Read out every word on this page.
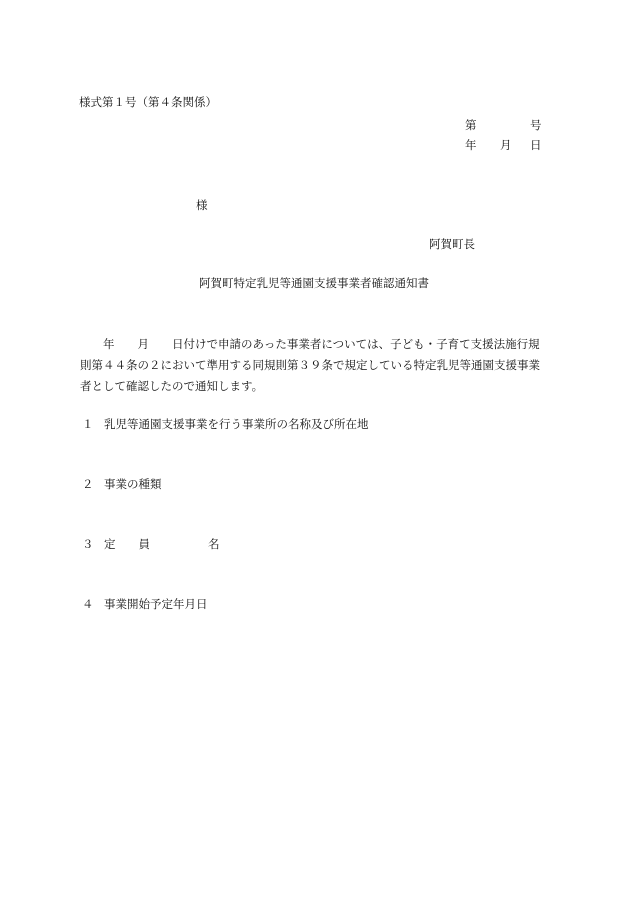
様式第１号（第４条関係）
第	号
年 月 日
様
阿賀町長
阿賀町特定乳児等通園支援事業者確認通知書

年　　月　　日付けで申請のあった事業者については、子ども・子育て支援法施行規

則第４４条の２において準用する同規則第３９条で規定している特定乳児等通園支援事業

者として確認したので通知します。

１ 乳児等通園支援事業を行う事業所の名称及び所在地
２ 事業の種類
３ 定　　員	名
４ 事業開始予定年月日
